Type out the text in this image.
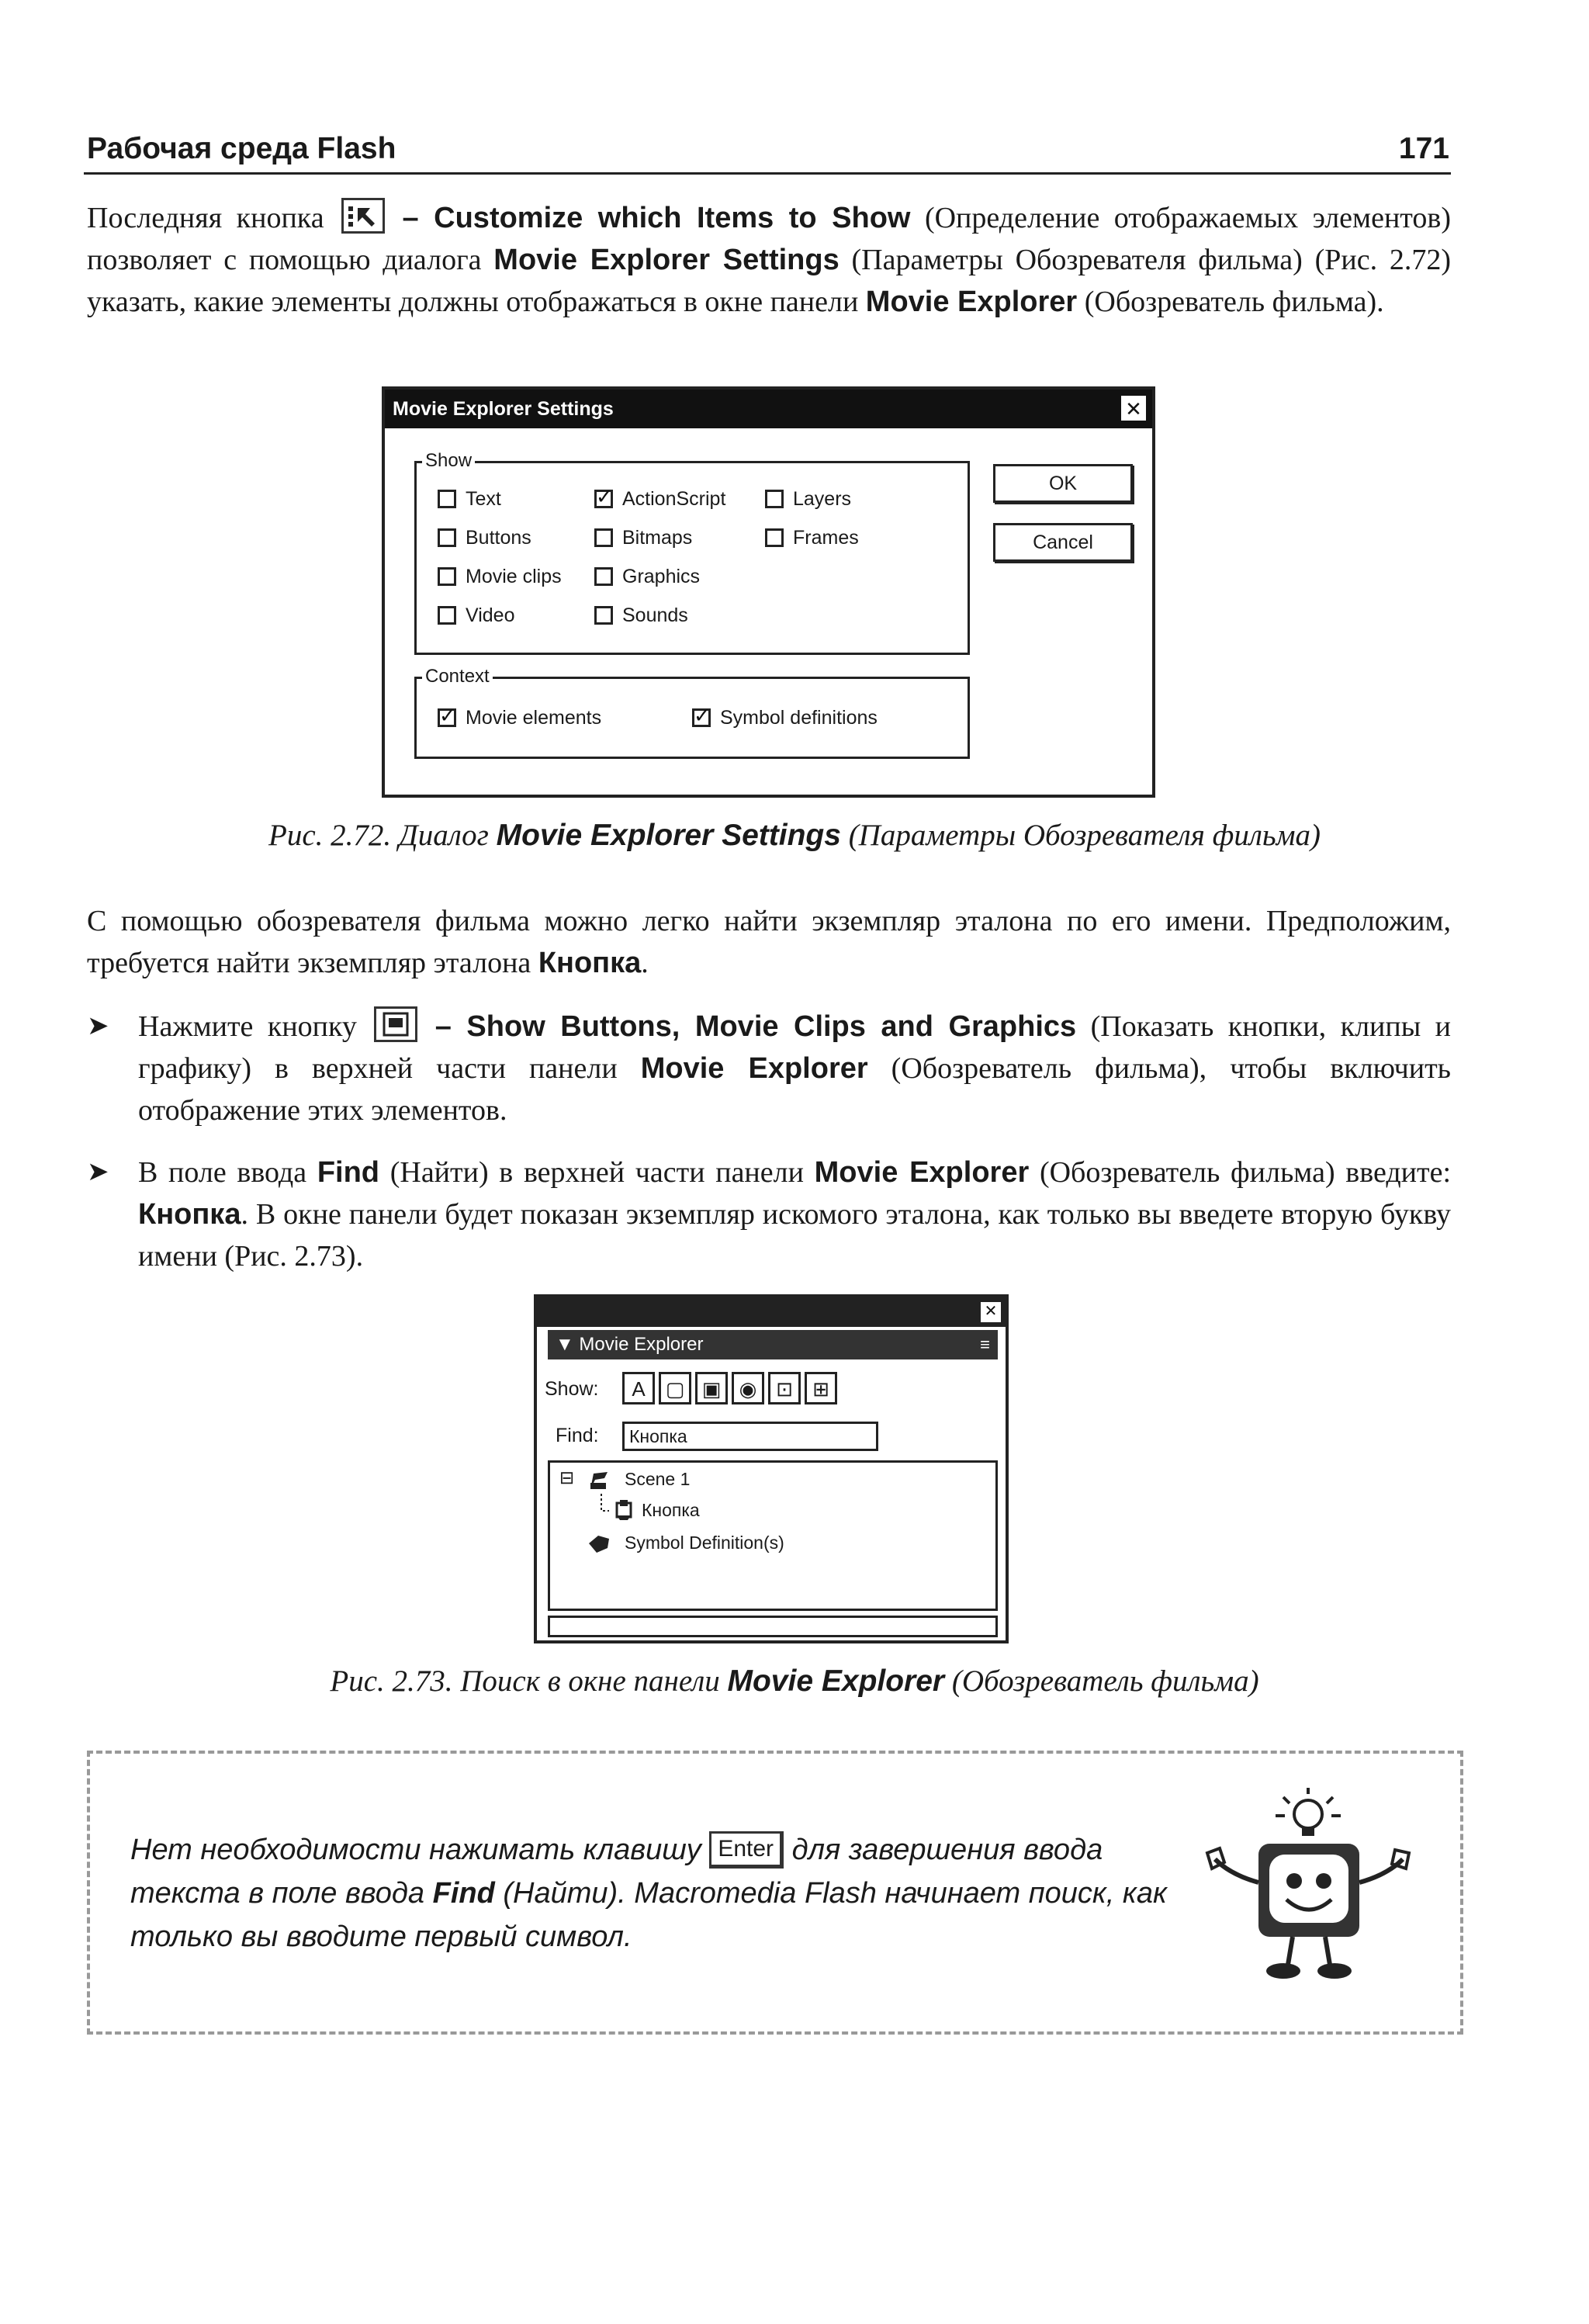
Рабочая среда Flash	171
Последняя кнопка	– Customize which Items to Show (Определение отображаемых элементов) позволяет с помощью диалога Movie Explorer Settings (Параметры Обозревателя фильма) (Рис. 2.72) указать, какие элементы должны отображаться в окне панели Movie Explorer (Обозреватель фильма).
Movie Explorer Settings	✕
Show
Text
Buttons
Movie clips
Video
✓
ActionScript
Bitmaps
Graphics
Sounds
Layers
Frames
Context
✓
Movie elements
✓	Symbol definitions
OK
Cancel
Рис. 2.72. Диалог Movie Explorer Settings (Параметры Обозревателя фильма)
С помощью обозревателя фильма можно легко найти экземпляр эталона по его имени. Предположим, требуется найти экземпляр эталона Кнопка.
➤ Нажмите кнопку	– Show Buttons, Movie Clips and Graphics (Показать кнопки, клипы и графику) в верхней части панели Movie Explorer (Обозреватель фильма), чтобы включить отображение этих элементов.
➤ В поле ввода Find (Найти) в верхней части панели Movie Explorer (Обозреватель фильма) введите: Кнопка. В окне панели будет показан экземпляр искомого эталона, как только вы введете вторую букву имени (Рис. 2.73).
✕
▼ Movie Explorer	≡
Show:	A ▢ ▣ ◉ ⊡ ⊞
Find:	Кнопка
⊟	Scene 1
Кнопка
Symbol Definition(s)
Рис. 2.73. Поиск в окне панели Movie Explorer (Обозреватель фильма)
Нет необходимости нажимать клавишу Enter для завершения ввода текста в поле ввода Find (Найти). Macromedia Flash начинает поиск, как только вы вводите первый символ.
